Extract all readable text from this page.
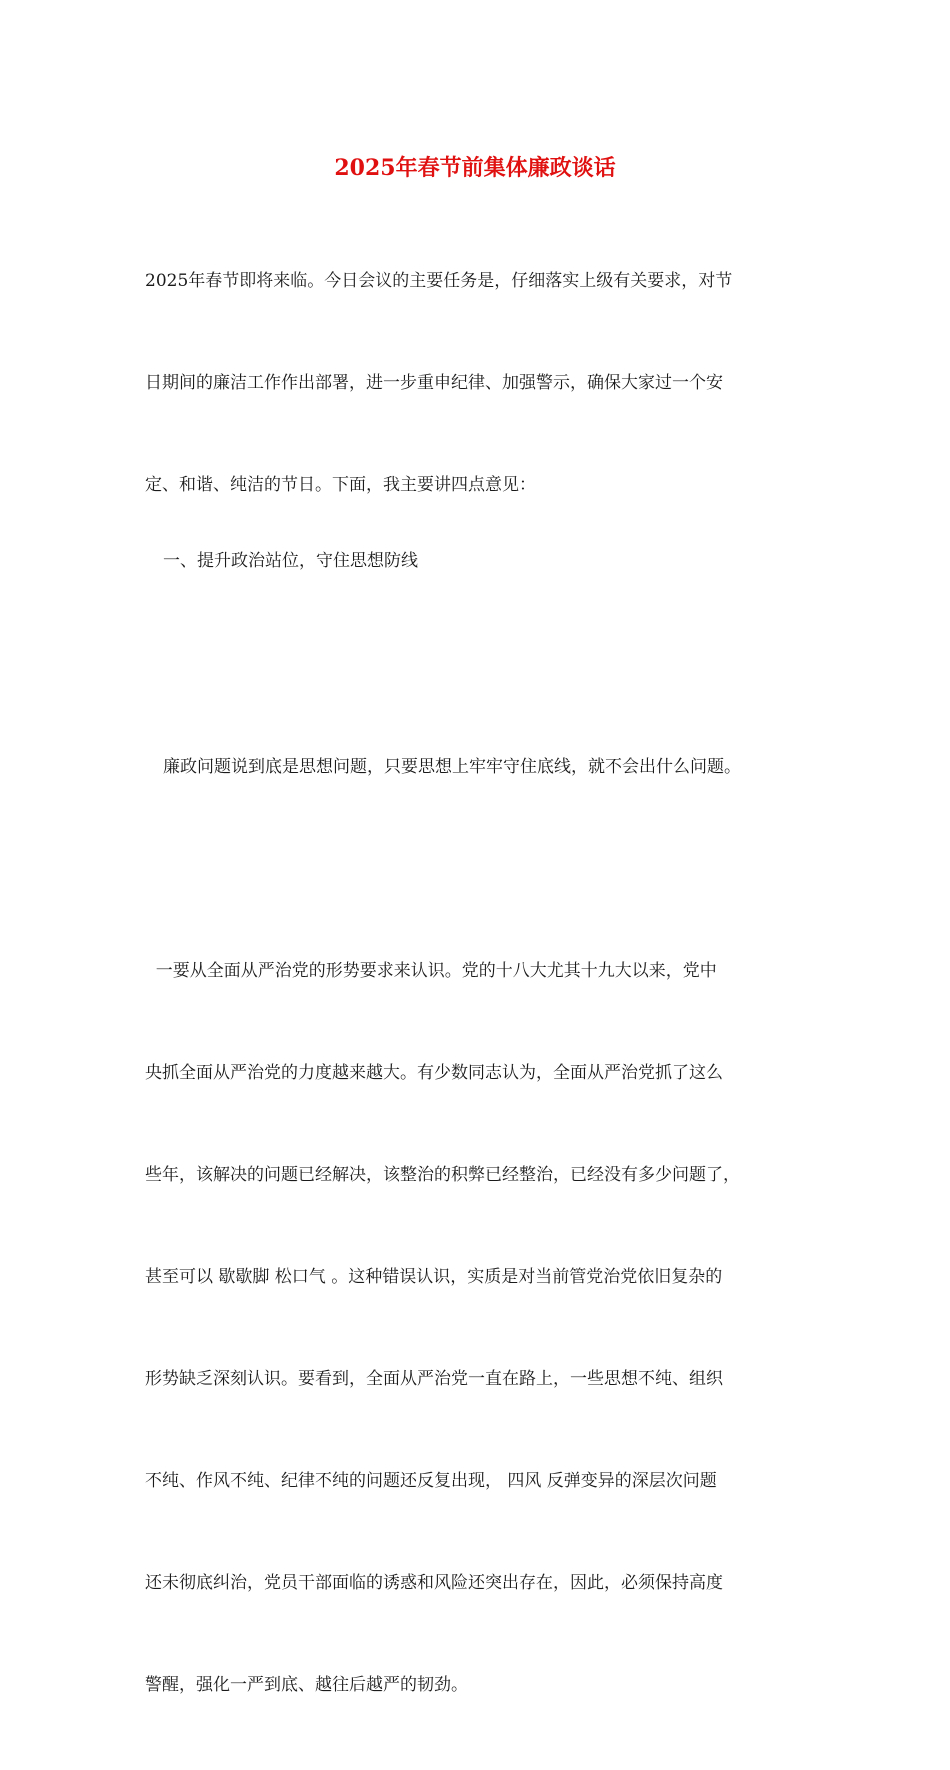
2025年春节前集体廉政谈话

2025年春节即将来临。今日会议的主要任务是，仔细落实上级有关要求，对节

日期间的廉洁工作作出部署，进一步重申纪律、加强警示，确保大家过一个安

定、和谐、纯洁的节日。下面，我主要讲四点意见：

一、提升政治站位，守住思想防线

廉政问题说到底是思想问题，只要思想上牢牢守住底线，就不会出什么问题。

一要从全面从严治党的形势要求来认识。党的十八大尤其十九大以来，党中

央抓全面从严治党的力度越来越大。有少数同志认为，全面从严治党抓了这么

些年，该解决的问题已经解决，该整治的积弊已经整治，已经没有多少问题了，

甚至可以 歇歇脚 松口气 。这种错误认识，实质是对当前管党治党依旧复杂的

形势缺乏深刻认识。要看到，全面从严治党一直在路上，一些思想不纯、组织

不纯、作风不纯、纪律不纯的问题还反复出现， 四风 反弹变异的深层次问题

还未彻底纠治，党员干部面临的诱惑和风险还突出存在，因此，必须保持高度

警醒，强化一严到底、越往后越严的韧劲。
